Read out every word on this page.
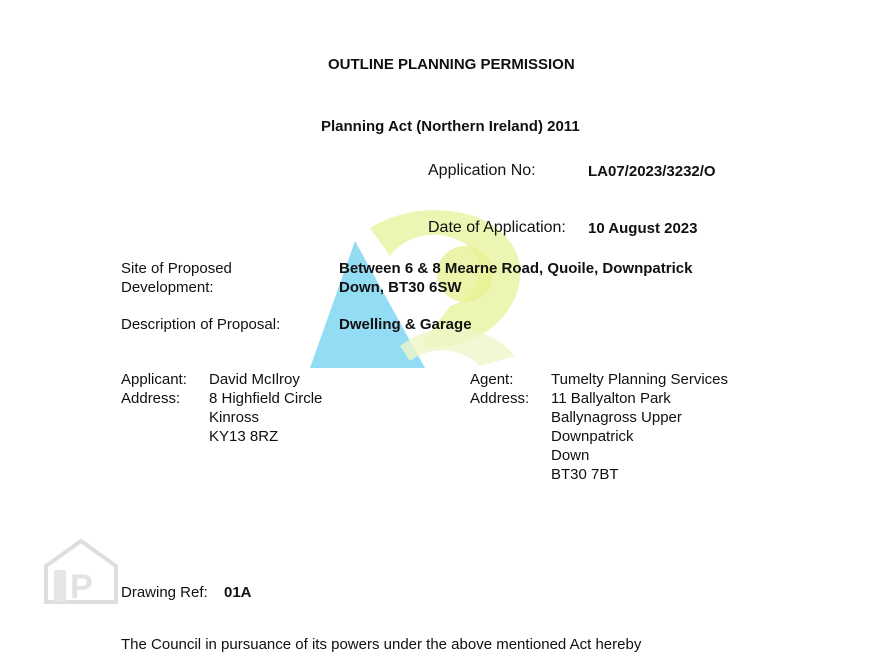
P
OUTLINE PLANNING PERMISSION
Planning Act (Northern Ireland) 2011
Application No:	LA07/2023/3232/O
Date of Application: 10 August 2023
Site of Proposed
Development:
Between 6 & 8 Mearne Road, Quoile, Downpatrick
Down, BT30 6SW
Description of Proposal:	Dwelling & Garage
Applicant:
Address:
David McIlroy
8 Highfield Circle
Kinross
KY13 8RZ
Agent:
Address:
Tumelty Planning Services
11 Ballyalton Park
Ballynagross Upper
Downpatrick
Down
BT30 7BT
Drawing Ref: 01A
The Council in pursuance of its powers under the above mentioned Act hereby
